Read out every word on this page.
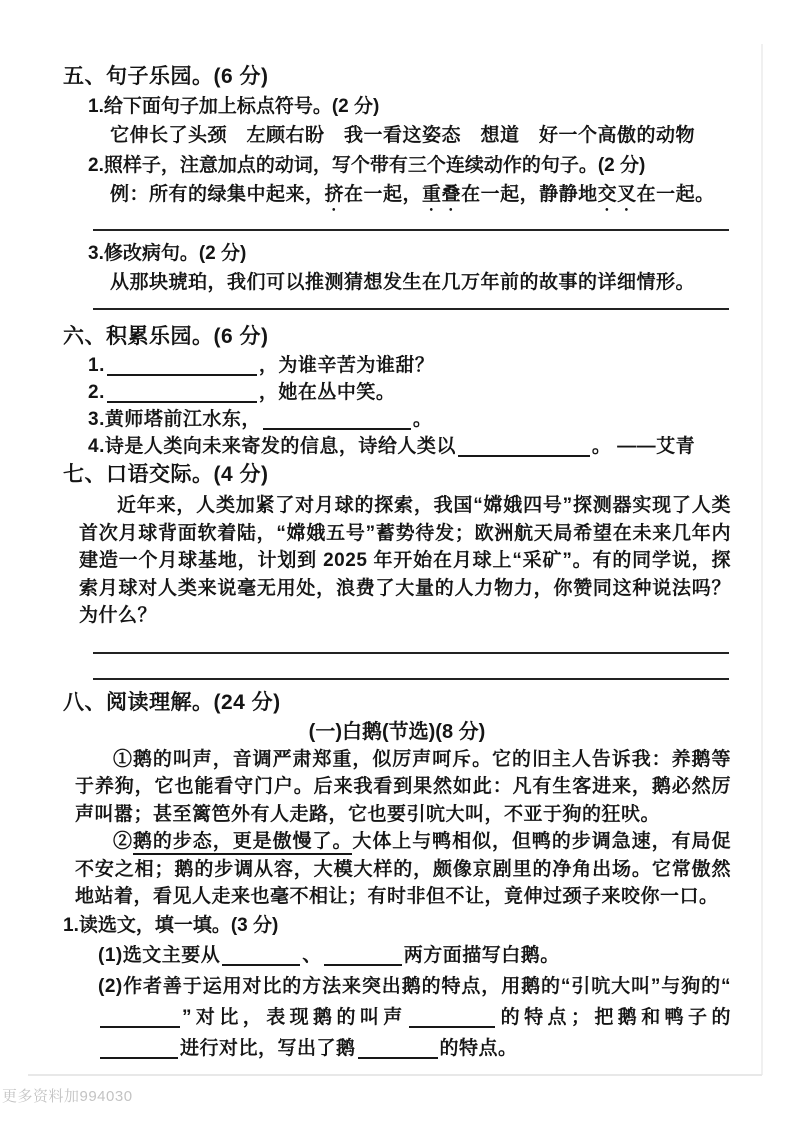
五、句子乐园。(6 分)

1.给下面句子加上标点符号。(2 分)

它伸长了头颈　左顾右盼　我一看这姿态　想道　好一个高傲的动物

2.照样子，注意加点的动词，写个带有三个连续动作的句子。(2 分)

例：所有的绿集中起来，挤在一起，重叠在一起，静静地交叉在一起。

3.修改病句。(2 分)

从那块琥珀，我们可以推测猜想发生在几万年前的故事的详细情形。

六、积累乐园。(6 分)

1.	，为谁辛苦为谁甜？

2.	，她在丛中笑。

3.黄师塔前江水东，	。

4.诗是人类向未来寄发的信息，诗给人类以	。 ——艾青

七、口语交际。(4 分)

近年来，人类加紧了对月球的探索，我国“嫦娥四号”探测器实现了人类首次月球背面软着陆，“嫦娥五号”蓄势待发；欧洲航天局希望在未来几年内建造一个月球基地，计划到 2025 年开始在月球上“采矿”。有的同学说，探索月球对人类来说毫无用处，浪费了大量的人力物力，你赞同这种说法吗？ 为什么？

八、阅读理解。(24 分)

(一)白鹅(节选)(8 分)

①鹅的叫声，音调严肃郑重，似厉声呵斥。它的旧主人告诉我：养鹅等于养狗，它也能看守门户。后来我看到果然如此：凡有生客进来，鹅必然厉声叫嚣；甚至篱笆外有人走路，它也要引吭大叫，不亚于狗的狂吠。

②鹅的步态，更是傲慢了。大体上与鸭相似，但鸭的步调急速，有局促不安之相；鹅的步调从容，大模大样的，颇像京剧里的净角出场。它常傲然地站着，看见人走来也毫不相让；有时非但不让，竟伸过颈子来咬你一口。

1.读选文，填一填。(3 分)

(1)选文主要从	、	两方面描写白鹅。

(2)作者善于运用对比的方法来突出鹅的特点，用鹅的“引吭大叫”与狗的“”对比，表现鹅的叫声	的特点；把鹅和鸭子的进行对比，写出了鹅	的特点。

更多资料加994030
